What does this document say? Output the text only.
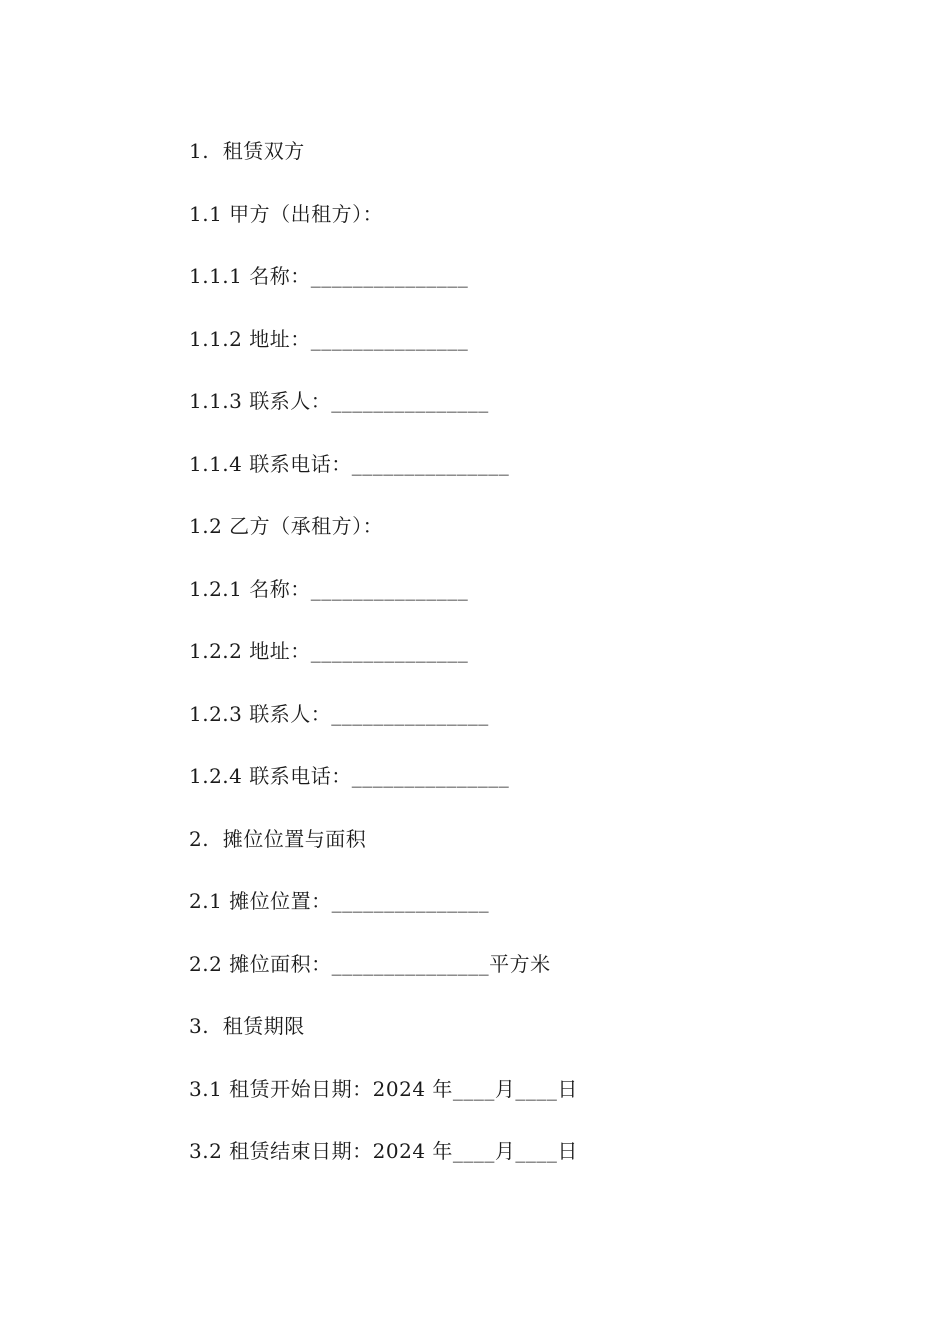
1.  租赁双方
1.1 甲方（出租方）：
1.1.1 名称：_______________
1.1.2 地址：_______________
1.1.3 联系人：_______________
1.1.4 联系电话：_______________
1.2 乙方（承租方）：
1.2.1 名称：_______________
1.2.2 地址：_______________
1.2.3 联系人：_______________
1.2.4 联系电话：_______________
2.  摊位位置与面积
2.1 摊位位置：_______________
2.2 摊位面积：_______________平方米
3.  租赁期限
3.1 租赁开始日期：2024 年____月____日
3.2 租赁结束日期：2024 年____月____日
